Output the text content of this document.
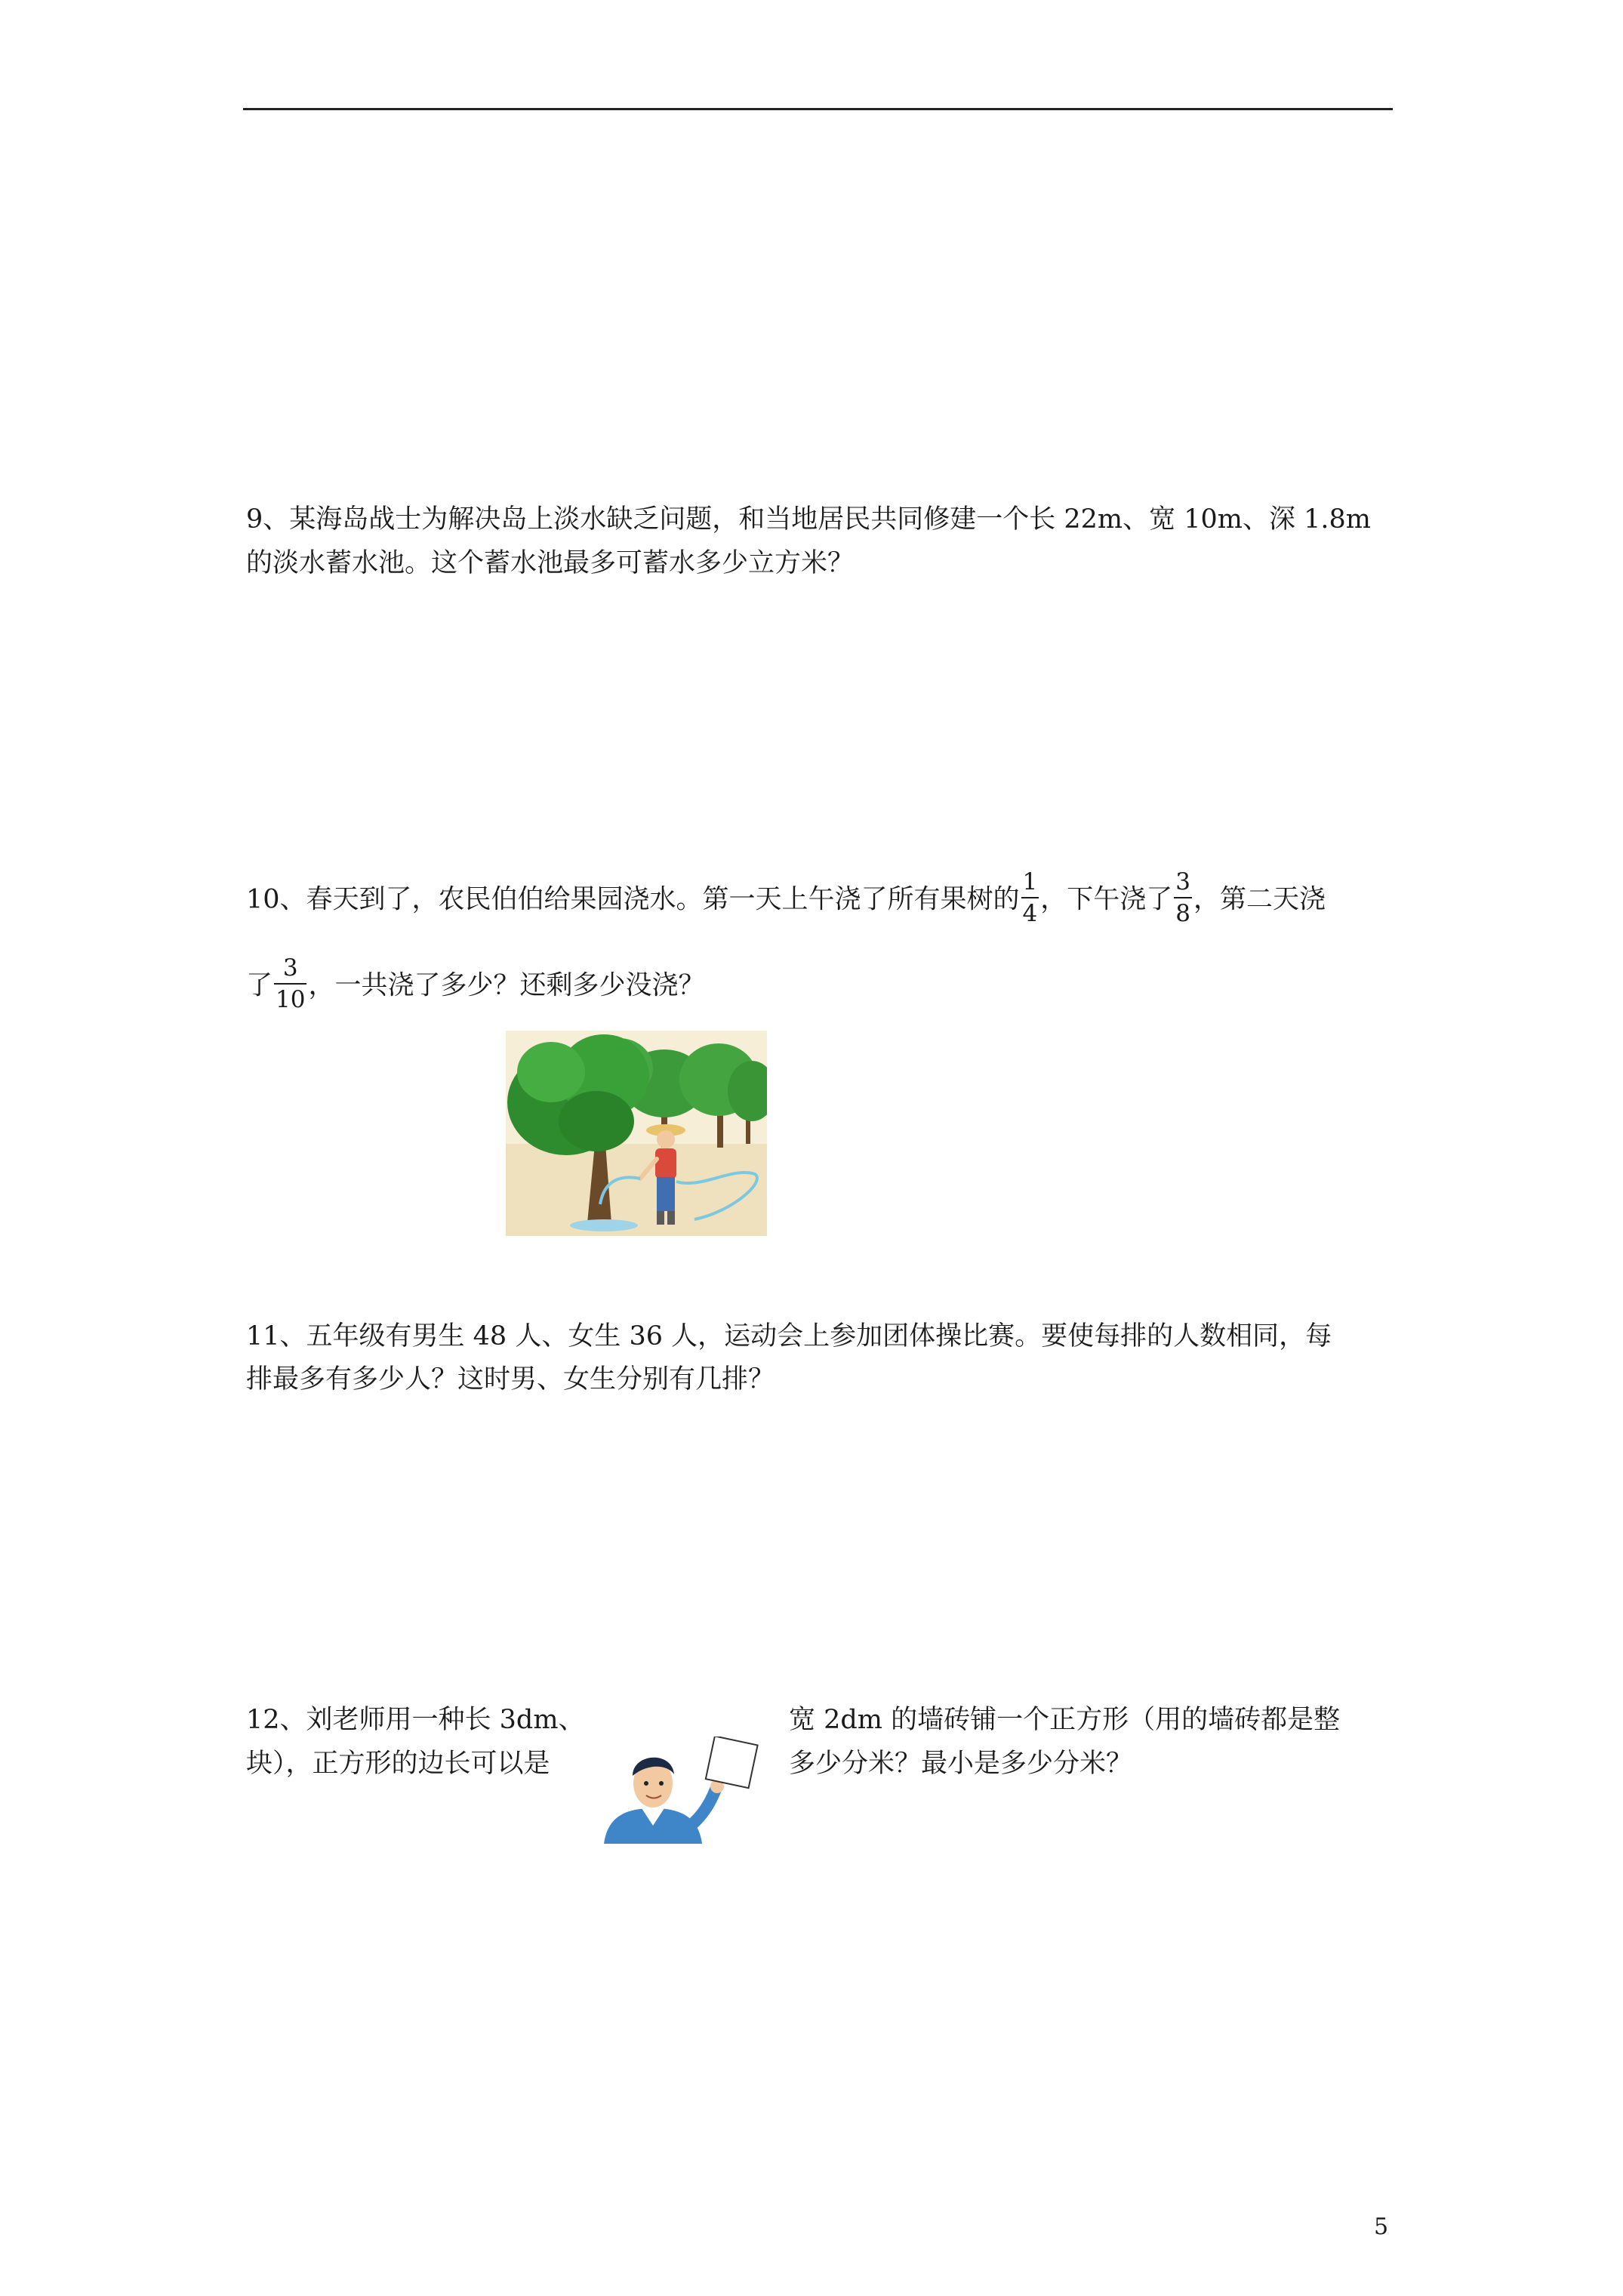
9、某海岛战士为解决岛上淡水缺乏问题，和当地居民共同修建一个长 22m、宽 10m、深 1.8m
的淡水蓄水池。这个蓄水池最多可蓄水多少立方米？
10、春天到了，农民伯伯给果园浇水。第一天上午浇了所有果树的 $\frac{1}{4}$ ，下午浇了 $\frac{3}{8}$ ，第二天浇
了 $\frac{3}{10}$ ，一共浇了多少？还剩多少没浇？
11、五年级有男生 48 人、女生 36 人，运动会上参加团体操比赛。要使每排的人数相同，每
排最多有多少人？这时男、女生分别有几排？
12、刘老师用一种长 3dm、	宽 2dm 的墙砖铺一个正方形（用的墙砖都是整
块），正方形的边长可以是	多少分米？最小是多少分米？
5
